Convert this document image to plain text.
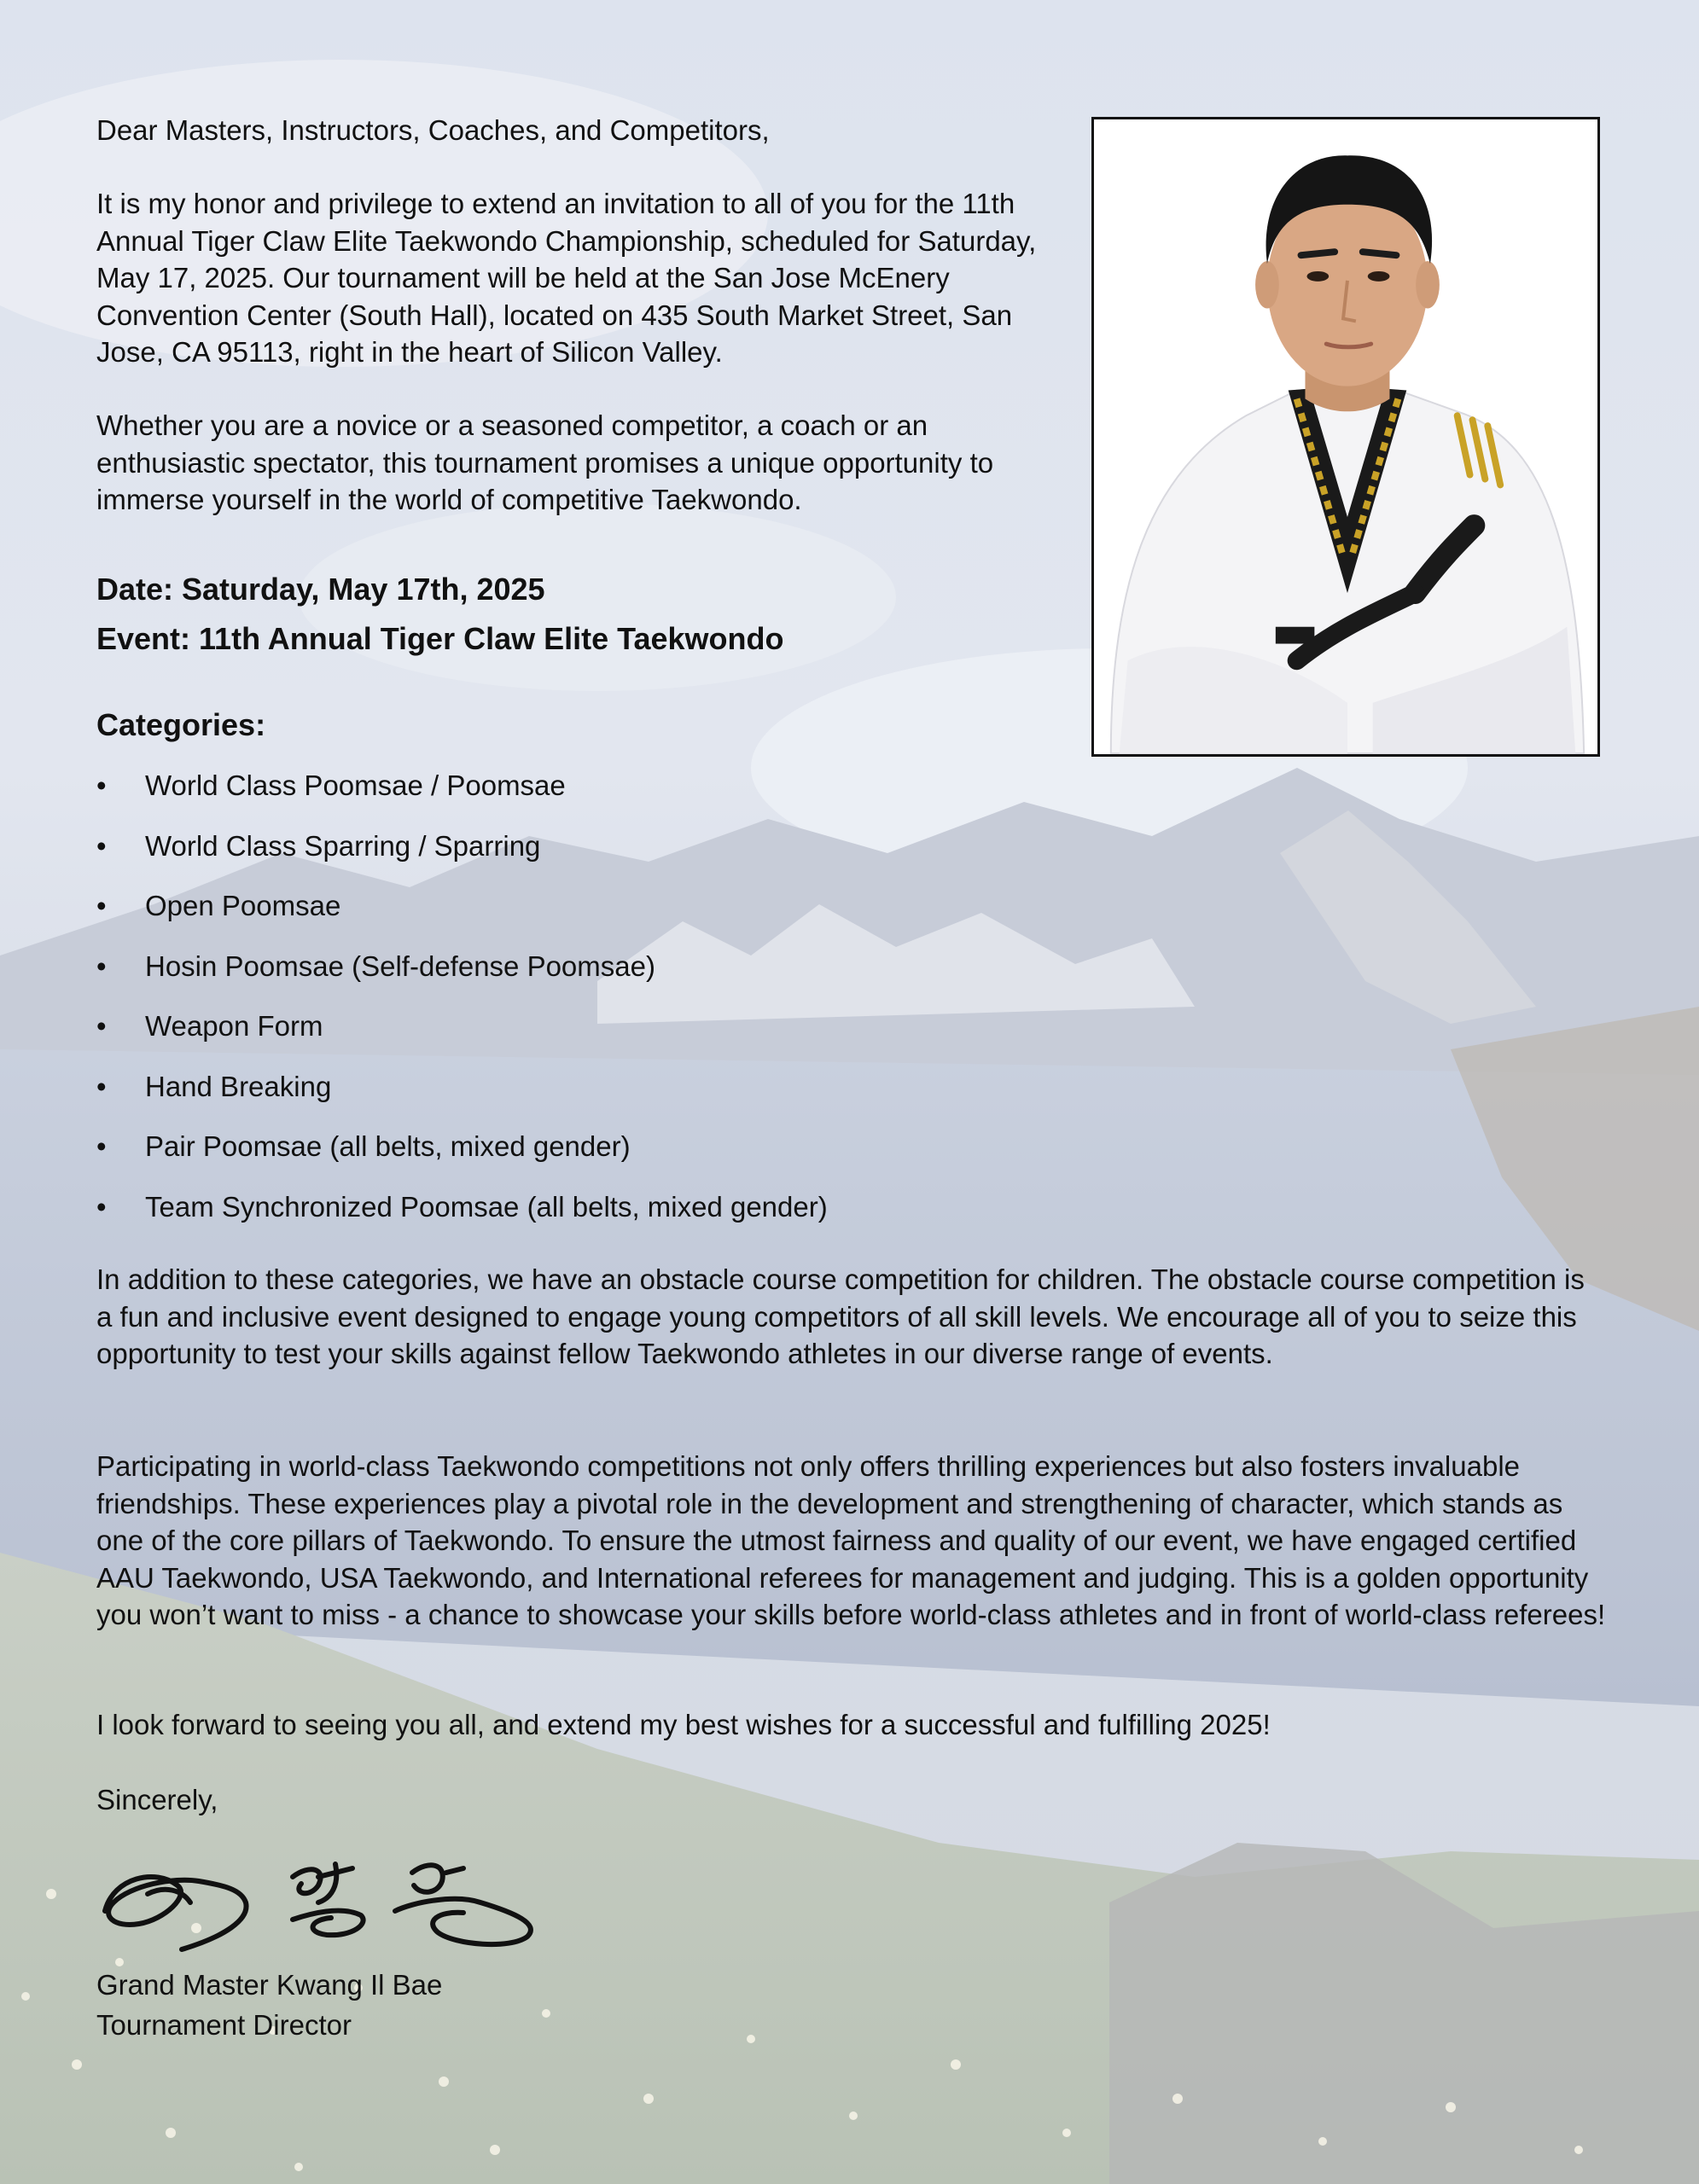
Dear Masters, Instructors, Coaches, and Competitors,

It is my honor and privilege to extend an invitation to all of you for the 11th Annual Tiger Claw Elite Taekwondo Championship, scheduled for Saturday, May 17, 2025. Our tournament will be held at the San Jose McEnery Convention Center (South Hall), located on 435 South Market Street, San Jose, CA 95113, right in the heart of Silicon Valley.

Whether you are a novice or a seasoned competitor, a coach or an enthusiastic spectator, this tournament promises a unique opportunity to immerse yourself in the world of competitive Taekwondo.

Date: Saturday, May 17th, 2025
Event: 11th Annual Tiger Claw Elite Taekwondo
Categories:
•	World Class Poomsae / Poomsae
•	World Class Sparring / Sparring
•	Open Poomsae
•	Hosin Poomsae (Self-defense Poomsae)
•	Weapon Form
•	Hand Breaking
•	Pair Poomsae (all belts, mixed gender)
•	Team Synchronized Poomsae (all belts, mixed gender)

In addition to these categories, we have an obstacle course competition for children. The obstacle course competition is a fun and inclusive event designed to engage young competitors of all skill levels. We encourage all of you to seize this opportunity to test your skills against fellow Taekwondo athletes in our diverse range of events.

Participating in world-class Taekwondo competitions not only offers thrilling experiences but also fosters invaluable friendships. These experiences play a pivotal role in the development and strengthening of character, which stands as one of the core pillars of Taekwondo. To ensure the utmost fairness and quality of our event, we have engaged certified AAU Taekwondo, USA Taekwondo, and International referees for management and judging. This is a golden opportunity you won’t want to miss - a chance to showcase your skills before world-class athletes and in front of world-class referees!

I look forward to seeing you all, and extend my best wishes for a successful and fulfilling 2025!

Sincerely,
Grand Master Kwang Il Bae
Tournament Director
